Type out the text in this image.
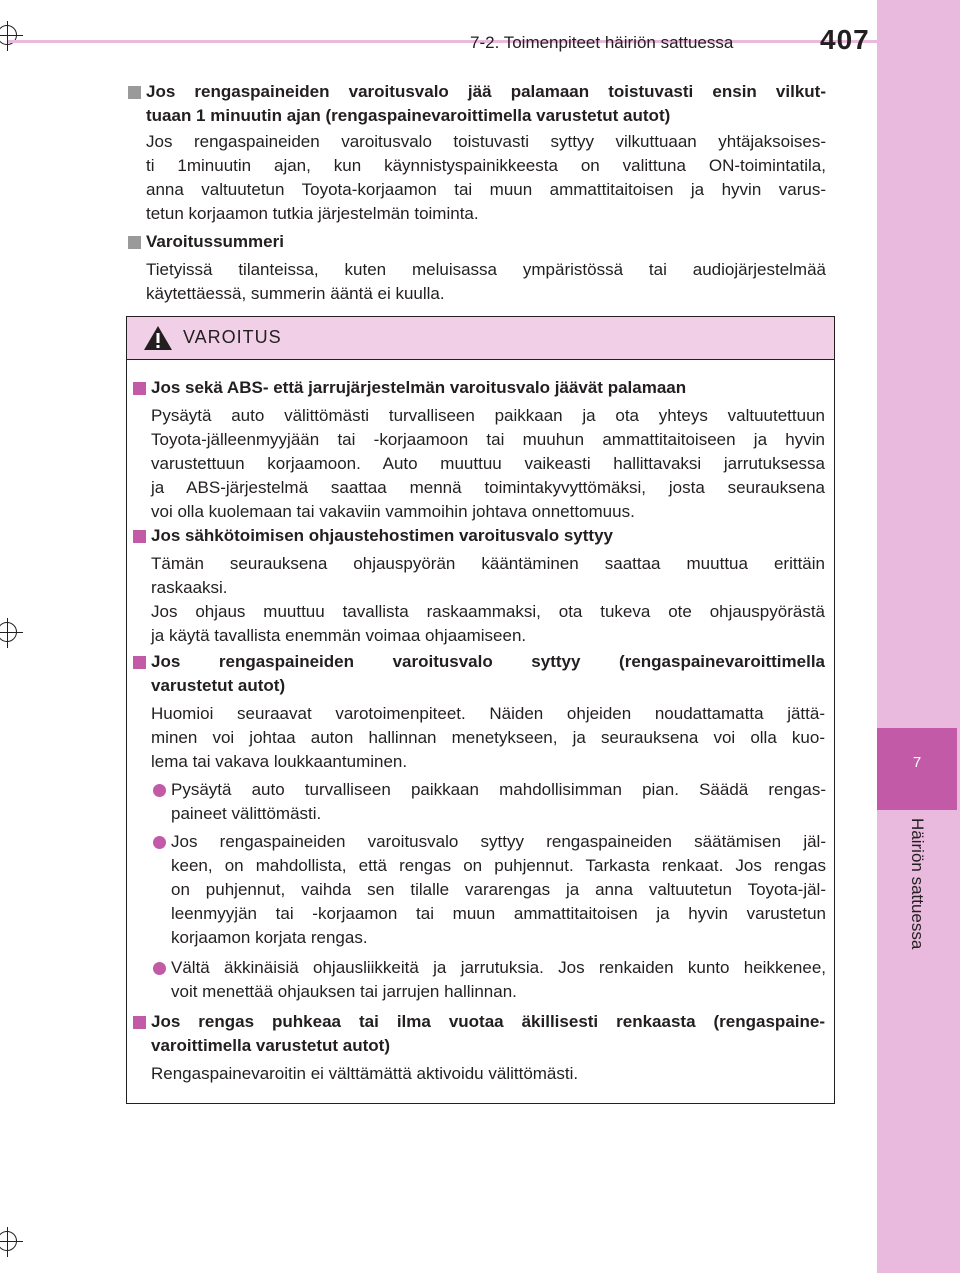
7
Häiriön sattuessa
7-2. Toimenpiteet häiriön sattuessa	407
Jos rengaspaineiden varoitusvalo jää palamaan toistuvasti ensin vilkut-
tuaan 1 minuutin ajan (rengaspainevaroittimella varustetut autot)
Jos rengaspaineiden varoitusvalo toistuvasti syttyy vilkuttuaan yhtäjaksoises-
ti 1minuutin ajan, kun käynnistyspainikkeesta on valittuna ON-toimintatila,
anna valtuutetun Toyota-korjaamon tai muun ammattitaitoisen ja hyvin varus-
tetun korjaamon tutkia järjestelmän toiminta.
Varoitussummeri
Tietyissä tilanteissa, kuten meluisassa ympäristössä tai audiojärjestelmää
käytettäessä, summerin ääntä ei kuulla.
VAROITUS
Jos sekä ABS- että jarrujärjestelmän varoitusvalo jäävät palamaan
Pysäytä auto välittömästi turvalliseen paikkaan ja ota yhteys valtuutettuun
Toyota-jälleenmyyjään tai -korjaamoon tai muuhun ammattitaitoiseen ja hyvin
varustettuun korjaamoon. Auto muuttuu vaikeasti hallittavaksi jarrutuksessa
ja ABS-järjestelmä saattaa mennä toimintakyvyttömäksi, josta seurauksena
voi olla kuolemaan tai vakaviin vammoihin johtava onnettomuus.
Jos sähkötoimisen ohjaustehostimen varoitusvalo syttyy
Tämän seurauksena ohjauspyörän kääntäminen saattaa muuttua erittäin
raskaaksi.
Jos ohjaus muuttuu tavallista raskaammaksi, ota tukeva ote ohjauspyörästä
ja käytä tavallista enemmän voimaa ohjaamiseen.
Jos rengaspaineiden varoitusvalo syttyy (rengaspainevaroittimella
varustetut autot)
Huomioi seuraavat varotoimenpiteet. Näiden ohjeiden noudattamatta jättä-
minen voi johtaa auton hallinnan menetykseen, ja seurauksena voi olla kuo-
lema tai vakava loukkaantuminen.
Pysäytä auto turvalliseen paikkaan mahdollisimman pian. Säädä rengas-
paineet välittömästi.
Jos rengaspaineiden varoitusvalo syttyy rengaspaineiden säätämisen jäl-
keen, on mahdollista, että rengas on puhjennut. Tarkasta renkaat. Jos rengas
on puhjennut, vaihda sen tilalle vararengas ja anna valtuutetun Toyota-jäl-
leenmyyjän tai -korjaamon tai muun ammattitaitoisen ja hyvin varustetun
korjaamon korjata rengas.
Vältä äkkinäisiä ohjausliikkeitä ja jarrutuksia. Jos renkaiden kunto heikkenee,
voit menettää ohjauksen tai jarrujen hallinnan.
Jos rengas puhkeaa tai ilma vuotaa äkillisesti renkaasta (rengaspaine-
varoittimella varustetut autot)
Rengaspainevaroitin ei välttämättä aktivoidu välittömästi.
